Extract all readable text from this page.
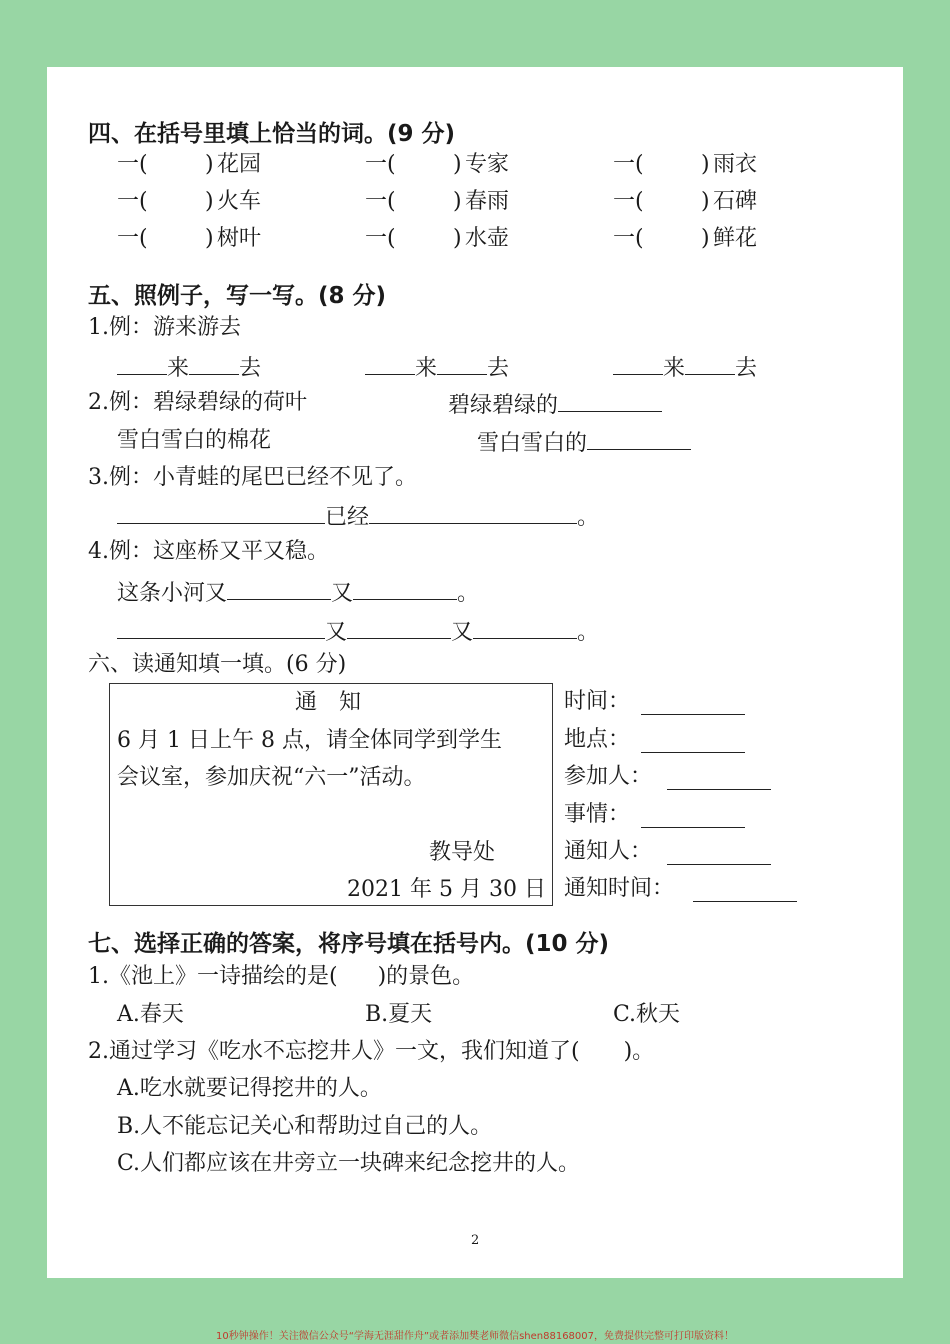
四、在括号里填上恰当的词。(9 分)
一(	) 花园	一(	) 专家	一(	) 雨衣
一(	) 火车	一(	) 春雨	一(	) 石碑
一(	) 树叶	一(	) 水壶	一(	) 鲜花
五、照例子，写一写。(8 分)
1.例：游来游去
来 去	来 去	来 去
2.例：碧绿碧绿的荷叶	碧绿碧绿的
雪白雪白的棉花	雪白雪白的
3.例：小青蛙的尾巴已经不见了。
已经	。
4.例：这座桥又平又稳。
这条小河又	又	。
又	又	。
六、读通知填一填。(6 分)
通　知
6 月 1 日上午 8 点，请全体同学到学生
会议室，参加庆祝“六一”活动。
教导处
2021 年 5 月 30 日
时间：
地点：
参加人：
事情：
通知人：
通知时间：
七、选择正确的答案，将序号填在括号内。(10 分)
1.《池上》一诗描绘的是( )的景色。
A.春天	B.夏天	C.秋天
2.通过学习《吃水不忘挖井人》一文，我们知道了( )。
A.吃水就要记得挖井的人。
B.人不能忘记关心和帮助过自己的人。
C.人们都应该在井旁立一块碑来纪念挖井的人。
2
10秒钟操作！关注微信公众号“学海无涯甜作舟”或者添加樊老师微信shen88168007，免费提供完整可打印版资料！
